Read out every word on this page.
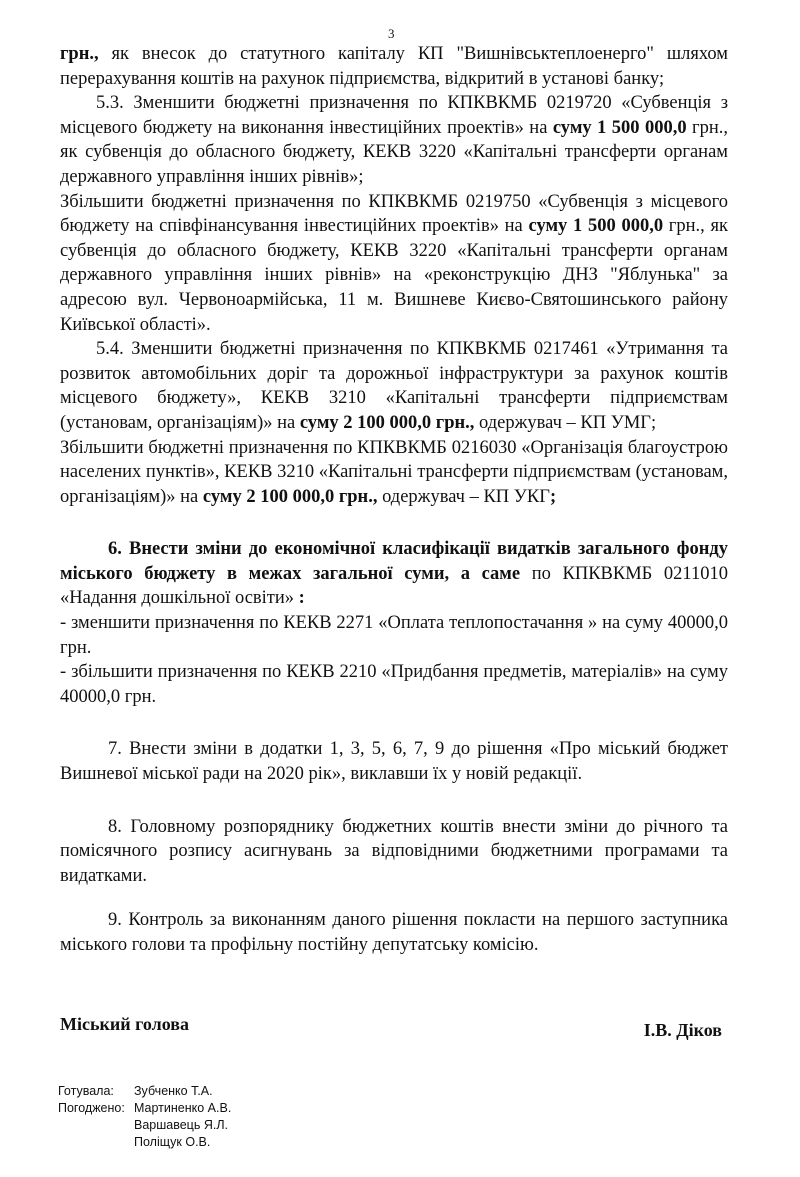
3

грн., як внесок до статутного капіталу КП "Вишнівськтеплоенерго" шляхом перерахування коштів на рахунок підприємства, відкритий в установі банку;

5.3. Зменшити бюджетні призначення по КПКВКМБ 0219720 «Субвенція з місцевого бюджету на виконання інвестиційних проектів» на суму 1 500 000,0 грн., як субвенція до обласного бюджету, КЕКВ 3220 «Капітальні трансферти органам державного управління інших рівнів»;

Збільшити бюджетні призначення по КПКВКМБ 0219750 «Субвенція з місцевого бюджету на співфінансування інвестиційних проектів» на суму 1 500 000,0 грн., як субвенція до обласного бюджету, КЕКВ 3220 «Капітальні трансферти органам державного управління інших рівнів» на «реконструкцію ДНЗ "Яблунька" за адресою вул. Червоноармійська, 11 м. Вишневе Києво-Святошинського району Київської області».

5.4. Зменшити бюджетні призначення по КПКВКМБ 0217461 «Утримання та розвиток автомобільних доріг та дорожньої інфраструктури за рахунок коштів місцевого бюджету», КЕКВ 3210 «Капітальні трансферти підприємствам (установам, організаціям)» на суму 2 100 000,0 грн., одержувач – КП УМГ;

Збільшити бюджетні призначення по КПКВКМБ 0216030 «Організація благоустрою населених пунктів», КЕКВ 3210 «Капітальні трансферти підприємствам (установам, організаціям)» на суму 2 100 000,0 грн., одержувач – КП УКГ;

6. Внести зміни до економічної класифікації видатків загального фонду міського бюджету в межах загальної суми, а саме по КПКВКМБ 0211010 «Надання дошкільної освіти» :

- зменшити призначення по КЕКВ 2271 «Оплата теплопостачання » на суму 40000,0 грн.

- збільшити призначення по КЕКВ 2210 «Придбання предметів, матеріалів» на суму 40000,0 грн.

7. Внести зміни в додатки 1, 3, 5, 6, 7, 9 до рішення «Про міський бюджет Вишневої міської ради на 2020 рік», виклавши їх у новій редакції.

8. Головному розпоряднику бюджетних коштів внести зміни до річного та помісячного розпису асигнувань за відповідними бюджетними програмами та видатками.

9. Контроль за виконанням даного рішення покласти на першого заступника міського голови та профільну постійну депутатську комісію.

Міський голова	І.В. Діков
Готувала:	Зубченко Т.А.
Погоджено: Мартиненко А.В.
Варшавець Я.Л.
Поліщук О.В.
